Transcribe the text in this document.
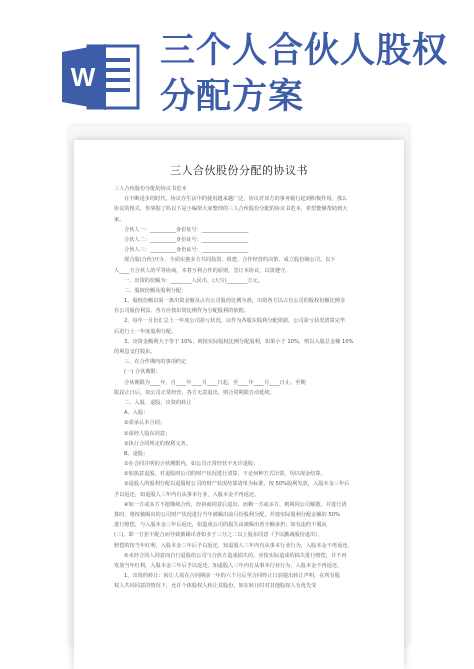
W
三个人合伙人股权
分配方案
三人合伙股份分配的协议书
三人合伙股份分配的协议书范本
在不断进步的时代，协议在生活中的使用越来越广泛，协议对双方的事务履行起到积极作用。那么
协议的格式，你掌握了吗以下是小编帮大家整理的三人合伙股份分配的协议书范本，希望能够帮助到大
家。
合伙人一：__________身份证号：__________________
合伙人二：__________身份证号：__________________
合伙人三：__________身份证号：__________________
现合股(合伙)开办，全面实施多方共同投资、组建、合作经营的决策，成立股份制公司。以下
人____方合伙人的平等协商，本着互利合作的原则，签订本协议，以资遵守。
一、出资的份额为：________人民币，(大写)________万元。
二、股权份额及股利分配：
1、股权份额以第一条出资金额及占有公司股份比例为准，出资各方以占有公司的股权份额比例享
有公司股份利益。各方应按出资比例作为分配股利的依据。
2、每年一月份汇总上一年度公司盈亏状况，以作为各股东股利分配依据。公司盈亏状况清算完毕
后进行上一年度股利分配。
3、出资金额利大于等于 10%，则按实际股权比例分配股利，如果小于 10%，则以入股总金额 10%
的利息支付股东。
三、在合作期内的事项约定
(一) 合伙期限：
合伙期限为____年，自____年____月____日起，至____年____月____日止。至期
限届止日后，如公司正常经营，各方无意退出，则合同期限自动延续。
二、入股、退股、出资的转让
A、入股：
①需承认本合同；
②需经人股东同意；
③执行合同规定的权利义务。
B、退股：
①在合同注明的合伙期限内，如公司正常经营不允许退股；
②如执意退股，对退股时公司的财产状况进行清算，不论何种方式出资，均以现金结算。
③退股人的股利分配以退股时公司的财产状况结算清单为标准，按 50%股利发放，入股本金三年后
予以返还，如退股人三年内有从事本行业，入股本金不再返还。
④如一方或多方不愿继续合伙，经协商同意后退出，而剩一方或多方，则视同公司解散，并进行清
算时，将按被踢出的公司财产状况进行当年被踢出前月份股利分配，并按实际股利分配金额的 50%
进行赔偿，与入股本金三年后返还，如造成公司的损失由被踢出者全额承担；如有违约不服从
(三)，即一方拒不配合而导致被踢出者如多于三分之二以上股东同意（予以撤减股份退出），
赔偿的按当年红利，入股本金三年后予以返还，知退股人三年内有从事本行业行为，入股本金不再返还。
⑤未经合同人同意而自行退股给公司与合伙方造成损失的，应按实际造成的损失进行赔偿，并不再
发放当年红利，入股本金三年后予以返还，知退股人三年内有从事本行业行为，入股本金不再返还。
1、出资的转让：转让人需在合同期前一年的六个月后至合同终止日前提出转让声明，在所有股
权人共同同意的情况下，允许个体股权人转让其股份，如在转让时对其他股权人有优先受
